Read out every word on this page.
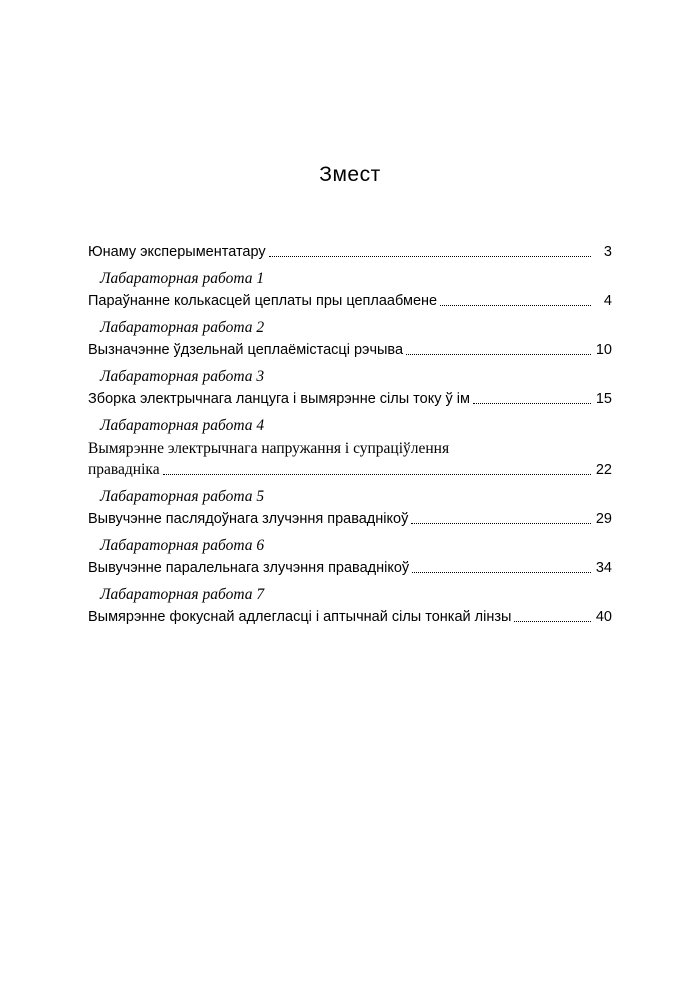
Змест
Юнаму эксперыментатару	3
Лабараторная работа 1
Параўнанне колькасцей цеплаты пры цеплаабмене	4
Лабараторная работа 2
Вызначэнне ўдзельнай цеплаёмістасці рэчыва	10
Лабараторная работа 3
Зборка электрычнага ланцуга і вымярэнне сілы току ў ім	15
Лабараторная работа 4
Вымярэнне электрычнага напружання і супраціўлення
правадніка	22
Лабараторная работа 5
Вывучэнне паслядоўнага злучэння праваднікоў	29
Лабараторная работа 6
Вывучэнне паралельнага злучэння праваднікоў	34
Лабараторная работа 7
Вымярэнне фокуснай адлегласці і аптычнай сілы тонкай лінзы	40
